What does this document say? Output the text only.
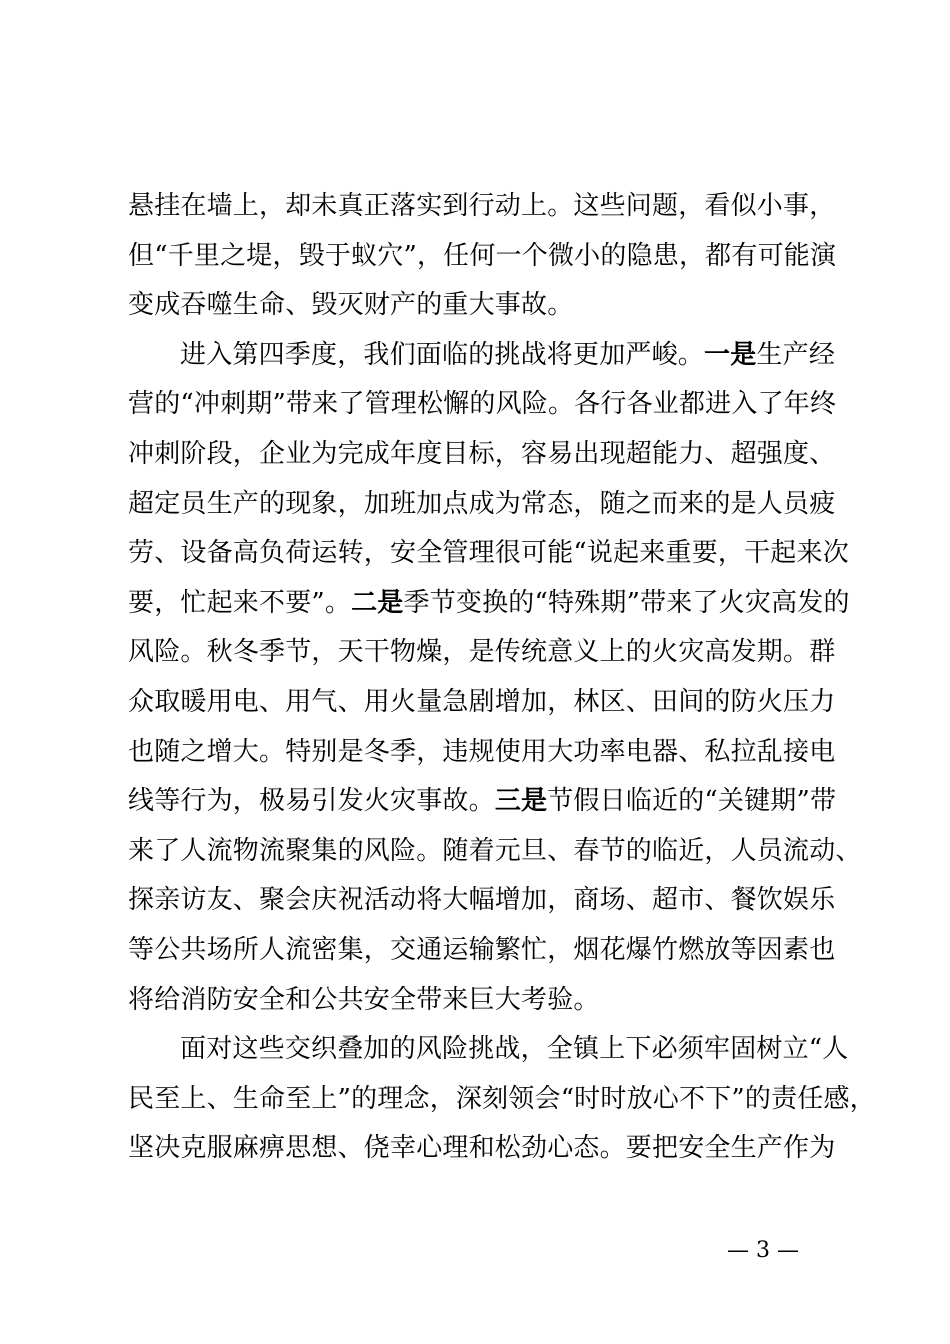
悬挂在墙上，却未真正落实到行动上。这些问题，看似小事，
但“千里之堤，毁于蚁穴”，任何一个微小的隐患，都有可能演
变成吞噬生命、毁灭财产的重大事故。
进入第四季度，我们面临的挑战将更加严峻。一是生产经
营的“冲刺期”带来了管理松懈的风险。各行各业都进入了年终
冲刺阶段，企业为完成年度目标，容易出现超能力、超强度、
超定员生产的现象，加班加点成为常态，随之而来的是人员疲
劳、设备高负荷运转，安全管理很可能“说起来重要，干起来次
要，忙起来不要”。二是季节变换的“特殊期”带来了火灾高发的
风险。秋冬季节，天干物燥，是传统意义上的火灾高发期。群
众取暖用电、用气、用火量急剧增加，林区、田间的防火压力
也随之增大。特别是冬季，违规使用大功率电器、私拉乱接电
线等行为，极易引发火灾事故。三是节假日临近的“关键期”带
来了人流物流聚集的风险。随着元旦、春节的临近，人员流动、
探亲访友、聚会庆祝活动将大幅增加，商场、超市、餐饮娱乐
等公共场所人流密集，交通运输繁忙，烟花爆竹燃放等因素也
将给消防安全和公共安全带来巨大考验。
面对这些交织叠加的风险挑战，全镇上下必须牢固树立“人
民至上、生命至上”的理念，深刻领会“时时放心不下”的责任感，
坚决克服麻痹思想、侥幸心理和松劲心态。要把安全生产作为
— 3 —
